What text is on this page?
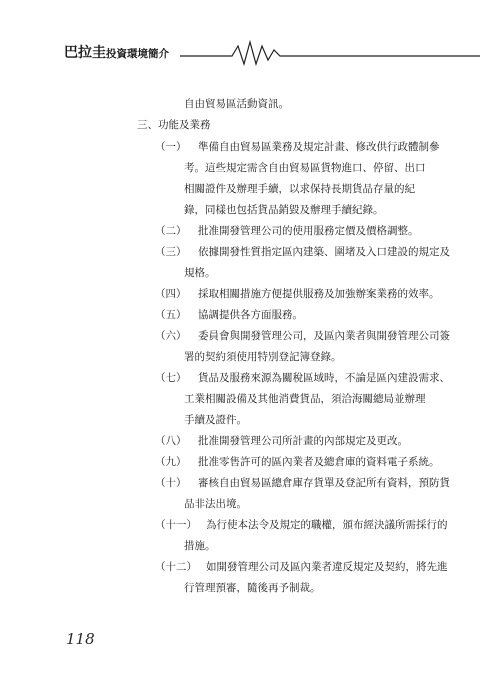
巴拉圭投資環境簡介
自由貿易區活動資訊。
三、功能及業務
（一） 準備自由貿易區業務及規定計畫、修改供行政體制參
考。這些規定需含自由貿易區貨物進口、停留、出口
相關證件及辦理手續，以求保持長期貨品存量的紀
錄，同樣也包括貨品銷毀及辦理手續紀錄。
（二） 批准開發管理公司的使用服務定價及價格調整。
（三） 依據開發性質指定區內建築、圍堵及入口建設的規定及
規格。
（四） 採取相關措施方便提供服務及加強辦案業務的效率。
（五） 協調提供各方面服務。
（六） 委員會與開發管理公司，及區內業者與開發管理公司簽
署的契約須使用特別登記簿登錄。
（七） 貨品及服務來源為關稅區域時，不論是區內建設需求、
工業相關設備及其他消費貨品，須洽海關總局並辦理
手續及證件。
（八） 批准開發管理公司所計畫的內部規定及更改。
（九） 批准零售許可的區內業者及總倉庫的資料電子系統。
（十） 審核自由貿易區總倉庫存貨單及登記所有資料，預防貨
品非法出境。
（十一） 為行使本法令及規定的職權，頒布經決議所需採行的
措施。
（十二） 如開發管理公司及區內業者違反規定及契約，將先進
行管理預審，隨後再予制裁。
118
